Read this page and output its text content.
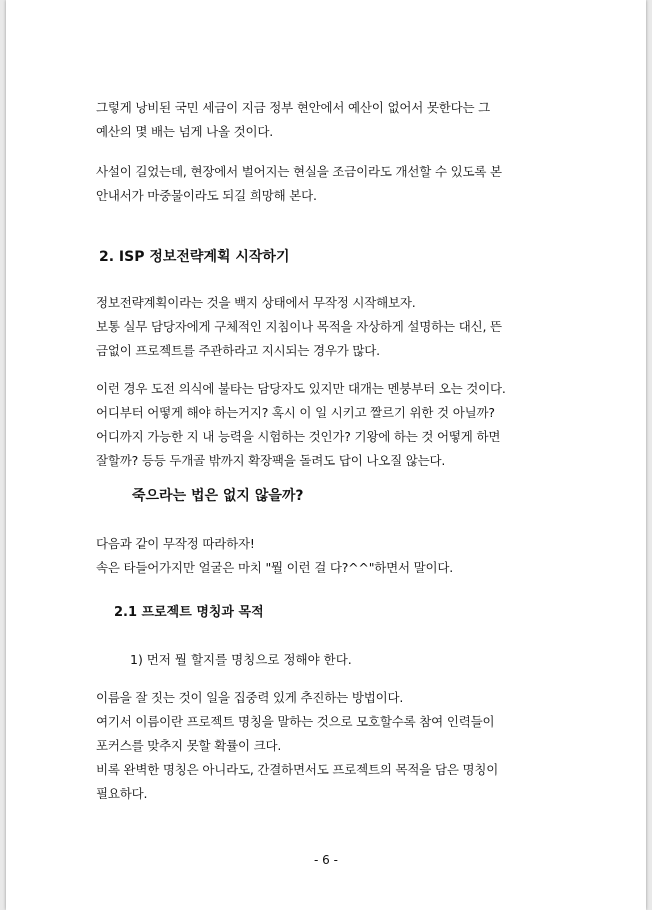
그렇게 낭비된 국민 세금이 지금 정부 현안에서 예산이 없어서 못한다는 그
예산의 몇 배는 넘게 나올 것이다.
사설이 길었는데, 현장에서 벌어지는 현실을 조금이라도 개선할 수 있도록 본
안내서가 마중물이라도 되길 희망해 본다.
2. ISP 정보전략계획 시작하기
정보전략계획이라는 것을 백지 상태에서 무작정 시작해보자.
보통 실무 담당자에게 구체적인 지침이나 목적을 자상하게 설명하는 대신, 뜬
금없이 프로젝트를 주관하라고 지시되는 경우가 많다.
이런 경우 도전 의식에 불타는 담당자도 있지만 대개는 멘붕부터 오는 것이다.
어디부터 어떻게 해야 하는거지? 혹시 이 일 시키고 짤르기 위한 것 아닐까?
어디까지 가능한 지 내 능력을 시험하는 것인가? 기왕에 하는 것 어떻게 하면
잘할까? 등등 두개골 밖까지 확장팩을 돌려도 답이 나오질 않는다.
죽으라는 법은 없지 않을까?
다음과 같이 무작정 따라하자!
속은 타들어가지만 얼굴은 마치 "뭘 이런 걸 다?^^"하면서 말이다.
2.1 프로젝트 명칭과 목적
1) 먼저 뭘 할지를 명칭으로 정해야 한다.
이름을 잘 짓는 것이 일을 집중력 있게 추진하는 방법이다.
여기서 이름이란 프로젝트 명칭을 말하는 것으로 모호할수록 참여 인력들이
포커스를 맞추지 못할 확률이 크다.
비록 완벽한 명칭은 아니라도, 간결하면서도 프로젝트의 목적을 담은 명칭이
필요하다.
- 6 -
